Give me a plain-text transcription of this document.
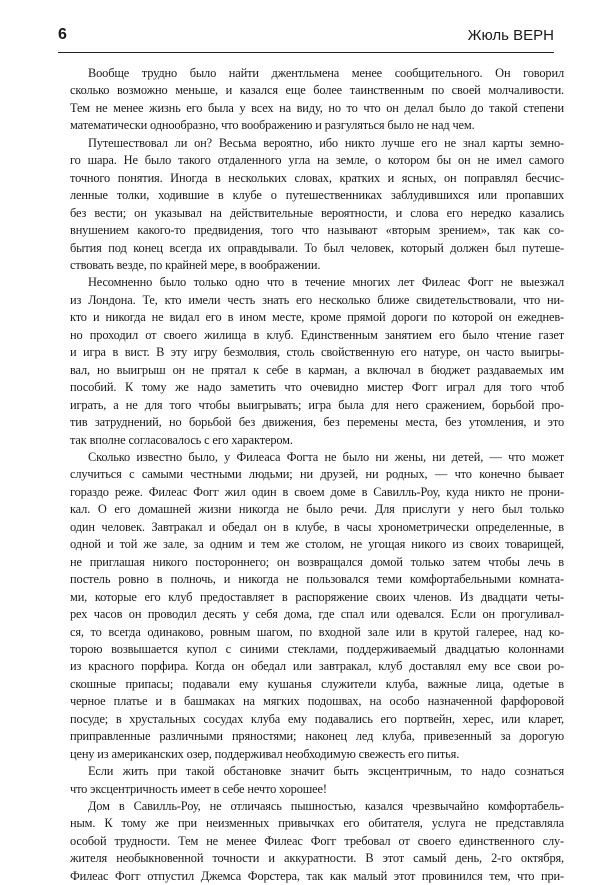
6	Жюль ВЕРН
Вообще трудно было найти джентльмена менее сообщительного. Он говорил
сколько возможно меньше, и казался еще более таинственным по своей молчаливости.
Тем не менее жизнь его была у всех на виду, но то что он делал было до такой степени
математически однообразно, что воображению и разгуляться было не над чем.
Путешествовал ли он? Весьма вероятно, ибо никто лучше его не знал карты земно-
го шара. Не было такого отдаленного угла на земле, о котором бы он не имел самого
точного понятия. Иногда в нескольких словах, кратких и ясных, он поправлял бесчис-
ленные толки, ходившие в клубе о путешественниках заблудившихся или пропавших
без вести; он указывал на действительные вероятности, и слова его нередко казались
внушением какого-то предвидения, того что называют «вторым зрением», так как со-
бытия под конец всегда их оправдывали. То был человек, который должен был путеше-
ствовать везде, по крайней мере, в воображении.
Несомненно было только одно что в течение многих лет Филеас Фогг не выезжал
из Лондона. Те, кто имели честь знать его несколько ближе свидетельствовали, что ни-
кто и никогда не видал его в ином месте, кроме прямой дороги по которой он ежеднев-
но проходил от своего жилища в клуб. Единственным занятием его было чтение газет
и игра в вист. В эту игру безмолвия, столь свойственную его натуре, он часто выигры-
вал, но выигрыш он не прятал к себе в карман, а включал в бюджет раздаваемых им
пособий. К тому же надо заметить что очевидно мистер Фогг играл для того чтоб
играть, а не для того чтобы выигрывать; игра была для него сражением, борьбой про-
тив затруднений, но борьбой без движения, без перемены места, без утомления, и это
так вполне согласовалось с его характером.
Сколько известно было, у Филеаса Фогта не было ни жены, ни детей, — что может
случиться с самыми честными людьми; ни друзей, ни родных, — что конечно бывает
гораздо реже. Филеас Фогг жил один в своем доме в Савилль-Роу, куда никто не прони-
кал. О его домашней жизни никогда не было речи. Для прислуги у него был только
один человек. Завтракал и обедал он в клубе, в часы хронометрически определенные, в
одной и той же зале, за одним и тем же столом, не угощая никого из своих товарищей,
не приглашая никого постороннего; он возвращался домой только затем чтобы лечь в
постель ровно в полночь, и никогда не пользовался теми комфортабельными комната-
ми, которые его клуб предоставляет в распоряжение своих членов. Из двадцати четы-
рех часов он проводил десять у себя дома, где спал или одевался. Если он прогуливал-
ся, то всегда одинаково, ровным шагом, по входной зале или в крутой галерее, над ко-
торою возвышается купол с синими стеклами, поддерживаемый двадцатью колоннами
из красного порфира. Когда он обедал или завтракал, клуб доставлял ему все свои ро-
скошные припасы; подавали ему кушанья служители клуба, важные лица, одетые в
черное платье и в башмаках на мягких подошвах, на особо назначенной фарфоровой
посуде; в хрустальных сосудах клуба ему подавались его портвейн, херес, или кларет,
приправленные различными пряностями; наконец лед клуба, привезенный за дорогую
цену из американских озер, поддерживал необходимую свежесть его питья.
Если жить при такой обстановке значит быть эксцентричным, то надо сознаться
что эксцентричность имеет в себе нечто хорошее!
Дом в Савилль-Роу, не отличаясь пышностью, казался чрезвычайно комфортабель-
ным. К тому же при неизменных привычках его обитателя, услуга не представляла
особой трудности. Тем не менее Филеас Фогг требовал от своего единственного слу-
жителя необыкновенной точности и аккуратности. В этот самый день, 2-го октября,
Филеас Фогг отпустил Джемса Форстера, так как малый этот провинился тем, что при-
